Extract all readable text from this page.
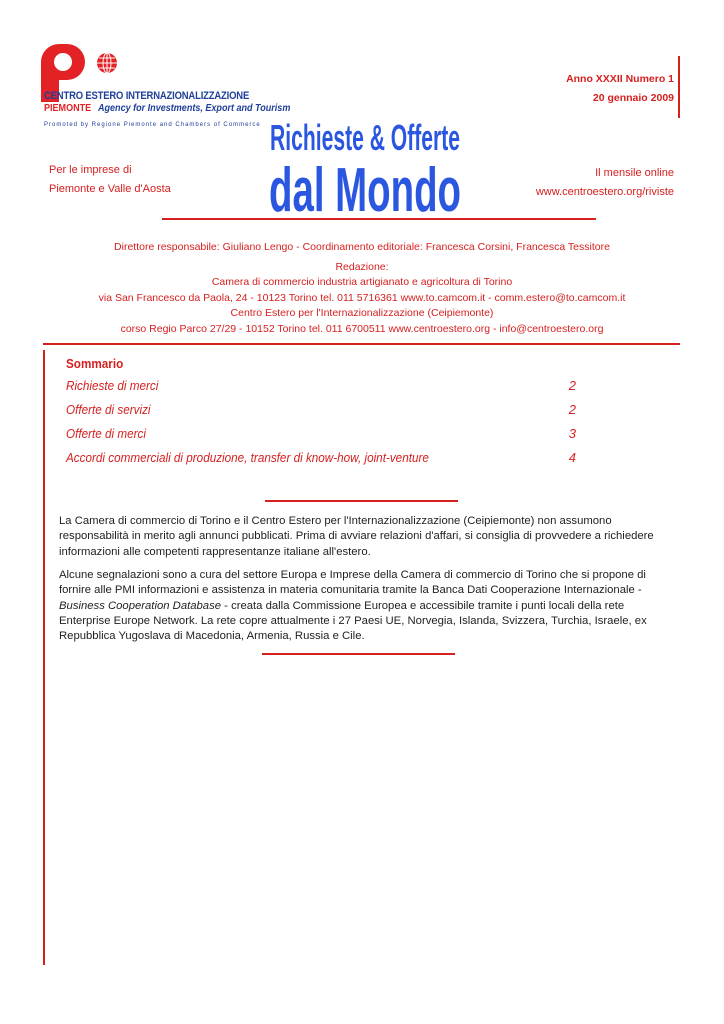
CENTRO ESTERO INTERNAZIONALIZZAZIONE
PIEMONTE Agency for Investments, Export and Tourism
Promoted by Regione Piemonte and Chambers of Commerce
Anno XXXII Numero 1
20 gennaio 2009
Richieste & Offerte
dal Mondo
Per le imprese di
Piemonte e Valle d'Aosta
Il mensile online
www.centroestero.org/riviste
Direttore responsabile: Giuliano Lengo - Coordinamento editoriale: Francesca Corsini, Francesca Tessitore
Redazione:
Camera di commercio industria artigianato e agricoltura di Torino
via San Francesco da Paola, 24 - 10123 Torino tel. 011 5716361 www.to.camcom.it - comm.estero@to.camcom.it
Centro Estero per l'Internazionalizzazione (Ceipiemonte)
corso Regio Parco 27/29 - 10152 Torino tel. 011 6700511 www.centroestero.org - info@centroestero.org
Sommario
Richieste di merci	2
Offerte di servizi	2
Offerte di merci	3
Accordi commerciali di produzione, transfer di know-how, joint-venture	4

La Camera di commercio di Torino e il Centro Estero per l'Internazionalizzazione (Ceipiemonte) non assumono responsabilità in merito agli annunci pubblicati. Prima di avviare relazioni d'affari, si consiglia di provvedere a richiedere informazioni alle competenti rappresentanze italiane all'estero.

Alcune segnalazioni sono a cura del settore Europa e Imprese della Camera di commercio di Torino che si propone di fornire alle PMI informazioni e assistenza in materia comunitaria tramite la Banca Dati Cooperazione Internazionale - Business Cooperation Database - creata dalla Commissione Europea e accessibile tramite i punti locali della rete Enterprise Europe Network. La rete copre attualmente i 27 Paesi UE, Norvegia, Islanda, Svizzera, Turchia, Israele, ex Repubblica Yugoslava di Macedonia, Armenia, Russia e Cile.
